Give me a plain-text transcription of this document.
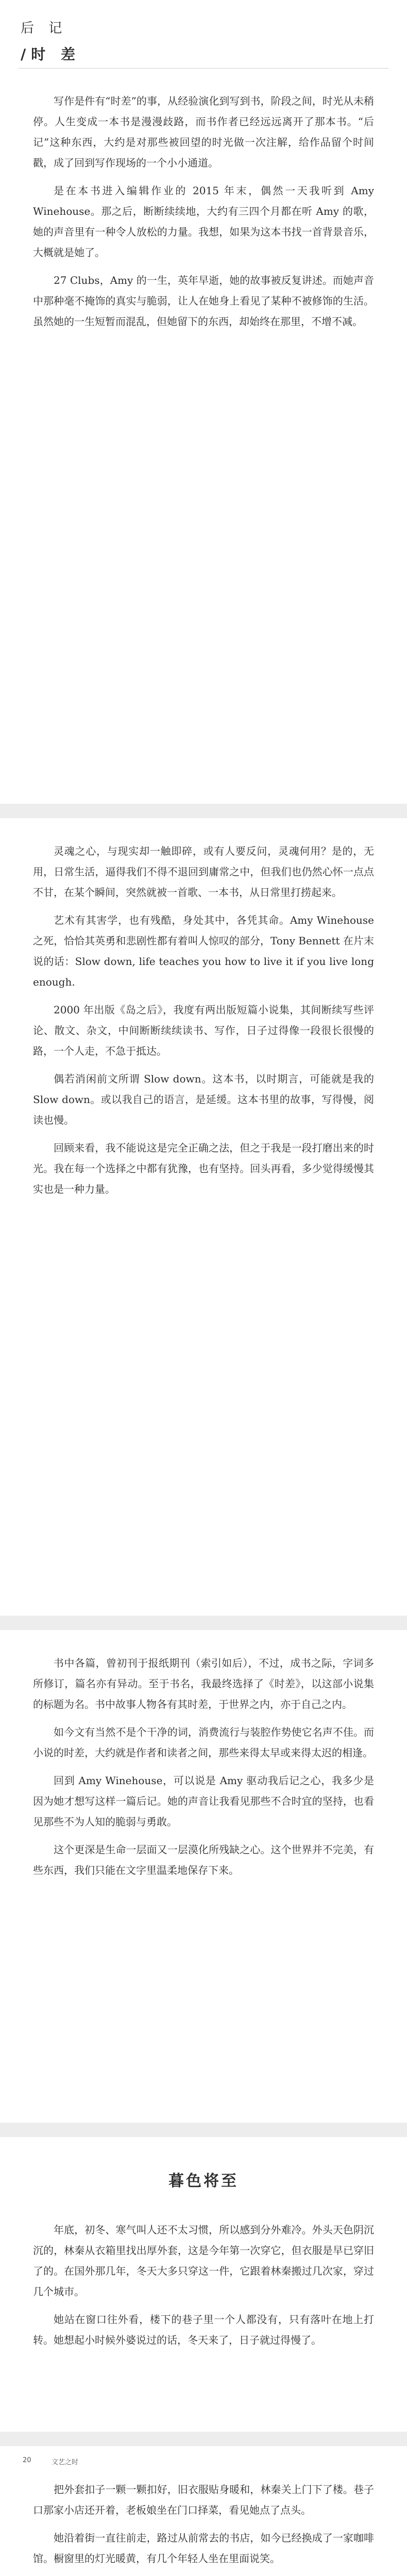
后 记
/时 差

写作是件有“时差”的事，从经验演化到写到书，阶段之间，时光从未稍停。人生变成一本书是漫漫歧路，而书作者已经远远离开了那本书。“后记”这种东西，大约是对那些被回望的时光做一次注解，给作品留个时间戳，成了回到写作现场的一个小小通道。

是在本书进入编辑作业的 2015 年末，偶然一天我听到 Amy Winehouse。那之后，断断续续地，大约有三四个月都在听 Amy 的歌，她的声音里有一种令人放松的力量。我想，如果为这本书找一首背景音乐，大概就是她了。

27 Clubs，Amy 的一生，英年早逝，她的故事被反复讲述。而她声音中那种毫不掩饰的真实与脆弱，让人在她身上看见了某种不被修饰的生活。虽然她的一生短暂而混乱，但她留下的东西，却始终在那里，不增不减。

灵魂之心，与现实却一触即碎，或有人要反问，灵魂何用？是的，无用，日常生活，逼得我们不得不退回到庸常之中，但我们也仍然心怀一点点不甘，在某个瞬间，突然就被一首歌、一本书，从日常里打捞起来。

艺术有其害学，也有残酷，身处其中，各凭其命。Amy Winehouse 之死，恰恰其英勇和悲剧性都有着叫人惊叹的部分，Tony Bennett 在片末说的话：Slow down, life teaches you how to live it if you live long enough.

2000 年出版《岛之后》，我度有两出版短篇小说集，其间断续写些评论、散文、杂文，中间断断续续读书、写作，日子过得像一段很长很慢的路，一个人走，不急于抵达。

偶若消闲前文所谓 Slow down。这本书，以时期言，可能就是我的 Slow down。或以我自己的语言，是延缓。这本书里的故事，写得慢，阅读也慢。

回顾来看，我不能说这是完全正确之法，但之于我是一段打磨出来的时光。我在每一个选择之中都有犹豫，也有坚持。回头再看，多少觉得缓慢其实也是一种力量。

书中各篇，曾初刊于报纸期刊（索引如后），不过，成书之际，字词多所修订，篇名亦有异动。至于书名，我最终选择了《时差》，以这部小说集的标题为名。书中故事人物各有其时差，于世界之内，亦于自己之内。

如今文有当然不是个干净的词，消费流行与装腔作势使它名声不佳。而小说的时差，大约就是作者和读者之间，那些来得太早或来得太迟的相逢。

回到 Amy Winehouse，可以说是 Amy 驱动我后记之心，我多少是因为她才想写这样一篇后记。她的声音让我看见那些不合时宜的坚持，也看见那些不为人知的脆弱与勇敢。

这个更深是生命一层面又一层漠化所残缺之心。这个世界并不完美，有些东西，我们只能在文字里温柔地保存下来。

20	文艺之时

把外套扣子一颗一颗扣好，旧衣服贴身暖和，林秦关上门下了楼。巷子口那家小店还开着，老板娘坐在门口择菜，看见她点了点头。

她沿着街一直往前走，路过从前常去的书店，如今已经换成了一家咖啡馆。橱窗里的灯光暖黄，有几个年轻人坐在里面说笑。

暮色将至

年底，初冬、寒气叫人还不太习惯，所以感到分外难冷。外头天色阴沉沉的，林秦从衣箱里找出厚外套，这是今年第一次穿它，但衣服是早已穿旧了的。在国外那几年，冬天大多只穿这一件，它跟着林秦搬过几次家，穿过几个城市。

她站在窗口往外看，楼下的巷子里一个人都没有，只有落叶在地上打转。她想起小时候外婆说过的话，冬天来了，日子就过得慢了。
